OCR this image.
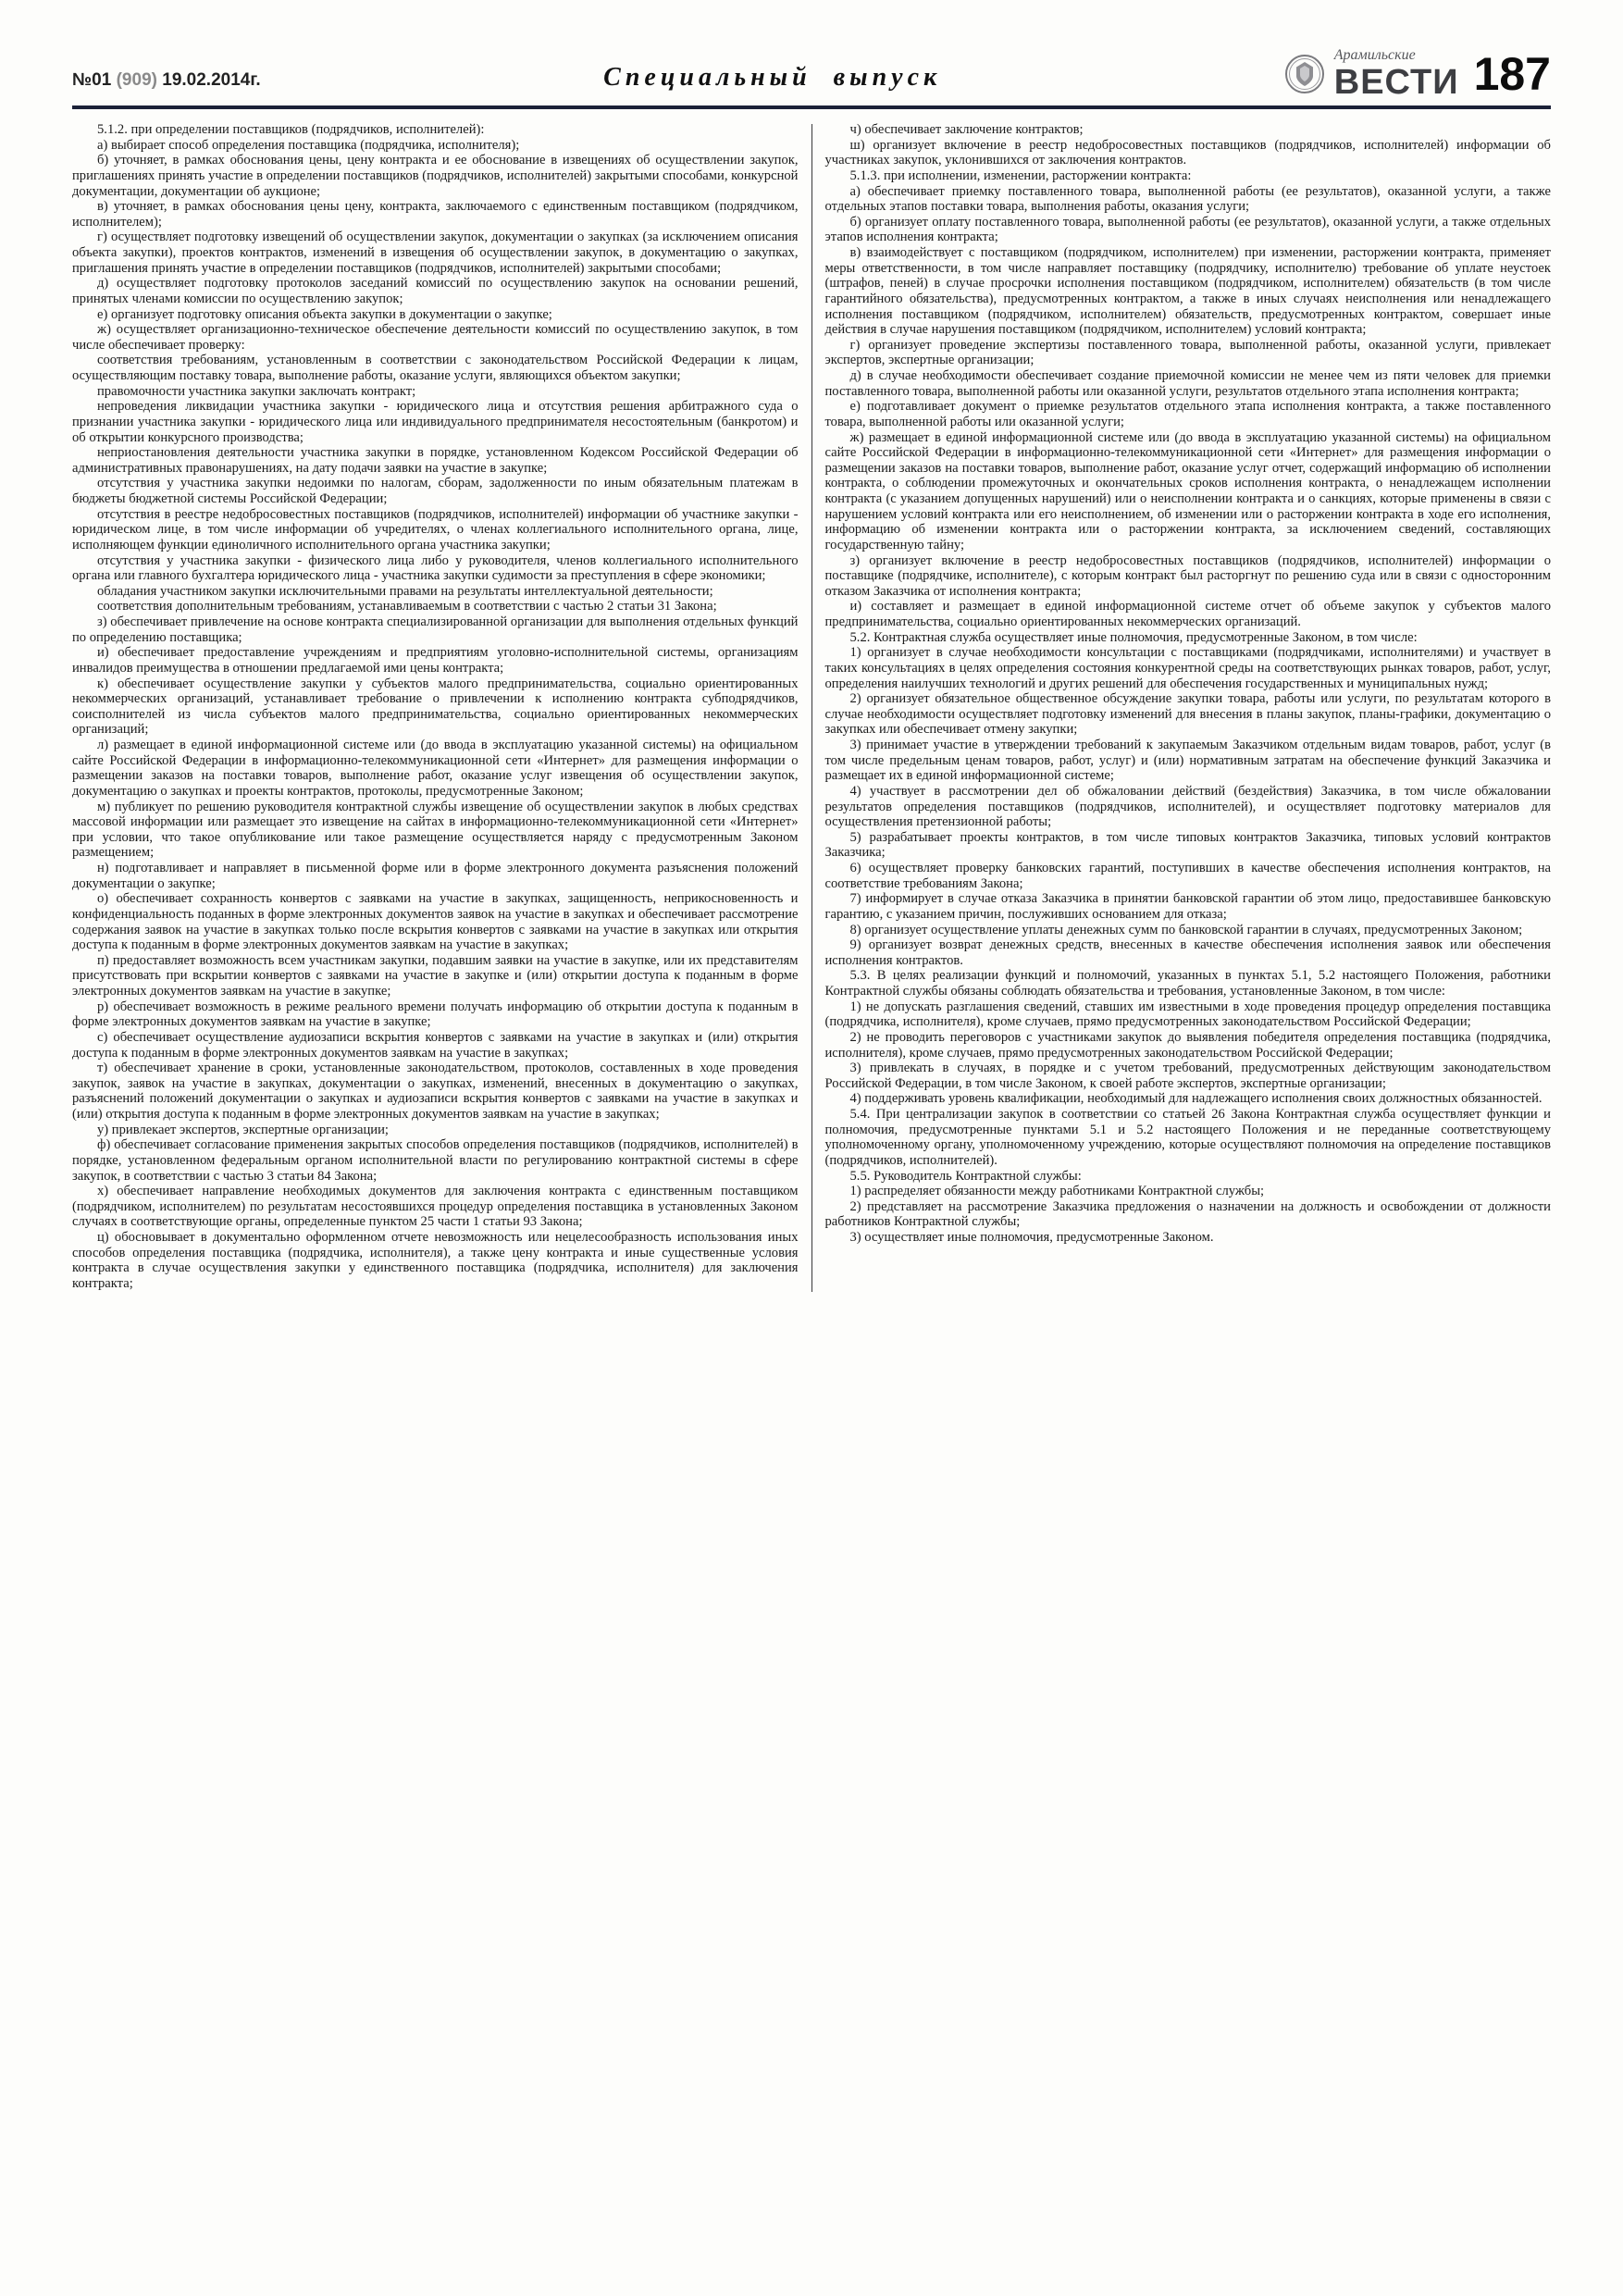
№01 (909) 19.02.2014г.	Специальный выпуск
Арамильские
ВЕСТИ 187

5.1.2. при определении поставщиков (подрядчиков, исполнителей):

а) выбирает способ определения поставщика (подрядчика, исполнителя);

б) уточняет, в рамках обоснования цены, цену контракта и ее обоснование в извещениях об осуществлении закупок, приглашениях принять участие в определении поставщиков (подрядчиков, исполнителей) закрытыми способами, конкурсной документации, документации об аукционе;

в) уточняет, в рамках обоснования цены цену, контракта, заключаемого с единственным поставщиком (подрядчиком, исполнителем);

г) осуществляет подготовку извещений об осуществлении закупок, документации о закупках (за исключением описания объекта закупки), проектов контрактов, изменений в извещения об осуществлении закупок, в документацию о закупках, приглашения принять участие в определении поставщиков (подрядчиков, исполнителей) закрытыми способами;

д) осуществляет подготовку протоколов заседаний комиссий по осуществлению закупок на основании решений, принятых членами комиссии по осуществлению закупок;

е) организует подготовку описания объекта закупки в документации о закупке;

ж) осуществляет организационно-техническое обеспечение деятельности комиссий по осуществлению закупок, в том числе обеспечивает проверку:

соответствия требованиям, установленным в соответствии с законодательством Российской Федерации к лицам, осуществляющим поставку товара, выполнение работы, оказание услуги, являющихся объектом закупки;

правомочности участника закупки заключать контракт;

непроведения ликвидации участника закупки - юридического лица и отсутствия решения арбитражного суда о признании участника закупки - юридического лица или индивидуального предпринимателя несостоятельным (банкротом) и об открытии конкурсного производства;

неприостановления деятельности участника закупки в порядке, установленном Кодексом Российской Федерации об административных правонарушениях, на дату подачи заявки на участие в закупке;

отсутствия у участника закупки недоимки по налогам, сборам, задолженности по иным обязательным платежам в бюджеты бюджетной системы Российской Федерации;

отсутствия в реестре недобросовестных поставщиков (подрядчиков, исполнителей) информации об участнике закупки - юридическом лице, в том числе информации об учредителях, о членах коллегиального исполнительного органа, лице, исполняющем функции единоличного исполнительного органа участника закупки;

отсутствия у участника закупки - физического лица либо у руководителя, членов коллегиального исполнительного органа или главного бухгалтера юридического лица - участника закупки судимости за преступления в сфере экономики;

обладания участником закупки исключительными правами на результаты интеллектуальной деятельности;

соответствия дополнительным требованиям, устанавливаемым в соответствии с частью 2 статьи 31 Закона;

з) обеспечивает привлечение на основе контракта специализированной организации для выполнения отдельных функций по определению поставщика;

и) обеспечивает предоставление учреждениям и предприятиям уголовно-исполнительной системы, организациям инвалидов преимущества в отношении предлагаемой ими цены контракта;

к) обеспечивает осуществление закупки у субъектов малого предпринимательства, социально ориентированных некоммерческих организаций, устанавливает требование о привлечении к исполнению контракта субподрядчиков, соисполнителей из числа субъектов малого предпринимательства, социально ориентированных некоммерческих организаций;

л) размещает в единой информационной системе или (до ввода в эксплуатацию указанной системы) на официальном сайте Российской Федерации в информационно-телекоммуникационной сети «Интернет» для размещения информации о размещении заказов на поставки товаров, выполнение работ, оказание услуг извещения об осуществлении закупок, документацию о закупках и проекты контрактов, протоколы, предусмотренные Законом;

м) публикует по решению руководителя контрактной службы извещение об осуществлении закупок в любых средствах массовой информации или размещает это извещение на сайтах в информационно-телекоммуникационной сети «Интернет» при условии, что такое опубликование или такое размещение осуществляется наряду с предусмотренным Законом размещением;

н) подготавливает и направляет в письменной форме или в форме электронного документа разъяснения положений документации о закупке;

о) обеспечивает сохранность конвертов с заявками на участие в закупках, защищенность, неприкосновенность и конфиденциальность поданных в форме электронных документов заявок на участие в закупках и обеспечивает рассмотрение содержания заявок на участие в закупках только после вскрытия конвертов с заявками на участие в закупках или открытия доступа к поданным в форме электронных документов заявкам на участие в закупках;

п) предоставляет возможность всем участникам закупки, подавшим заявки на участие в закупке, или их представителям присутствовать при вскрытии конвертов с заявками на участие в закупке и (или) открытии доступа к поданным в форме электронных документов заявкам на участие в закупке;

р) обеспечивает возможность в режиме реального времени получать информацию об открытии доступа к поданным в форме электронных документов заявкам на участие в закупке;

с) обеспечивает осуществление аудиозаписи вскрытия конвертов с заявками на участие в закупках и (или) открытия доступа к поданным в форме электронных документов заявкам на участие в закупках;

т) обеспечивает хранение в сроки, установленные законодательством, протоколов, составленных в ходе проведения закупок, заявок на участие в закупках, документации о закупках, изменений, внесенных в документацию о закупках, разъяснений положений документации о закупках и аудиозаписи вскрытия конвертов с заявками на участие в закупках и (или) открытия доступа к поданным в форме электронных документов заявкам на участие в закупках;

у) привлекает экспертов, экспертные организации;

ф) обеспечивает согласование применения закрытых способов определения поставщиков (подрядчиков, исполнителей) в порядке, установленном федеральным органом исполнительной власти по регулированию контрактной системы в сфере закупок, в соответствии с частью 3 статьи 84 Закона;

х) обеспечивает направление необходимых документов для заключения контракта с единственным поставщиком (подрядчиком, исполнителем) по результатам несостоявшихся процедур определения поставщика в установленных Законом случаях в соответствующие органы, определенные пунктом 25 части 1 статьи 93 Закона;

ц) обосновывает в документально оформленном отчете невозможность или нецелесообразность использования иных способов определения поставщика (подрядчика, исполнителя), а также цену контракта и иные существенные условия контракта в случае осуществления закупки у единственного поставщика (подрядчика, исполнителя) для заключения контракта;

ч) обеспечивает заключение контрактов;

ш) организует включение в реестр недобросовестных поставщиков (подрядчиков, исполнителей) информации об участниках закупок, уклонившихся от заключения контрактов.

5.1.3. при исполнении, изменении, расторжении контракта:

а) обеспечивает приемку поставленного товара, выполненной работы (ее результатов), оказанной услуги, а также отдельных этапов поставки товара, выполнения работы, оказания услуги;

б) организует оплату поставленного товара, выполненной работы (ее результатов), оказанной услуги, а также отдельных этапов исполнения контракта;

в) взаимодействует с поставщиком (подрядчиком, исполнителем) при изменении, расторжении контракта, применяет меры ответственности, в том числе направляет поставщику (подрядчику, исполнителю) требование об уплате неустоек (штрафов, пеней) в случае просрочки исполнения поставщиком (подрядчиком, исполнителем) обязательств (в том числе гарантийного обязательства), предусмотренных контрактом, а также в иных случаях неисполнения или ненадлежащего исполнения поставщиком (подрядчиком, исполнителем) обязательств, предусмотренных контрактом, совершает иные действия в случае нарушения поставщиком (подрядчиком, исполнителем) условий контракта;

г) организует проведение экспертизы поставленного товара, выполненной работы, оказанной услуги, привлекает экспертов, экспертные организации;

д) в случае необходимости обеспечивает создание приемочной комиссии не менее чем из пяти человек для приемки поставленного товара, выполненной работы или оказанной услуги, результатов отдельного этапа исполнения контракта;

е) подготавливает документ о приемке результатов отдельного этапа исполнения контракта, а также поставленного товара, выполненной работы или оказанной услуги;

ж) размещает в единой информационной системе или (до ввода в эксплуатацию указанной системы) на официальном сайте Российской Федерации в информационно-телекоммуникационной сети «Интернет» для размещения информации о размещении заказов на поставки товаров, выполнение работ, оказание услуг отчет, содержащий информацию об исполнении контракта, о соблюдении промежуточных и окончательных сроков исполнения контракта, о ненадлежащем исполнении контракта (с указанием допущенных нарушений) или о неисполнении контракта и о санкциях, которые применены в связи с нарушением условий контракта или его неисполнением, об изменении или о расторжении контракта в ходе его исполнения, информацию об изменении контракта или о расторжении контракта, за исключением сведений, составляющих государственную тайну;

з) организует включение в реестр недобросовестных поставщиков (подрядчиков, исполнителей) информации о поставщике (подрядчике, исполнителе), с которым контракт был расторгнут по решению суда или в связи с односторонним отказом Заказчика от исполнения контракта;

и) составляет и размещает в единой информационной системе отчет об объеме закупок у субъектов малого предпринимательства, социально ориентированных некоммерческих организаций.

5.2. Контрактная служба осуществляет иные полномочия, предусмотренные Законом, в том числе:

1) организует в случае необходимости консультации с поставщиками (подрядчиками, исполнителями) и участвует в таких консультациях в целях определения состояния конкурентной среды на соответствующих рынках товаров, работ, услуг, определения наилучших технологий и других решений для обеспечения государственных и муниципальных нужд;

2) организует обязательное общественное обсуждение закупки товара, работы или услуги, по результатам которого в случае необходимости осуществляет подготовку изменений для внесения в планы закупок, планы-графики, документацию о закупках или обеспечивает отмену закупки;

3) принимает участие в утверждении требований к закупаемым Заказчиком отдельным видам товаров, работ, услуг (в том числе предельным ценам товаров, работ, услуг) и (или) нормативным затратам на обеспечение функций Заказчика и размещает их в единой информационной системе;

4) участвует в рассмотрении дел об обжаловании действий (бездействия) Заказчика, в том числе обжаловании результатов определения поставщиков (подрядчиков, исполнителей), и осуществляет подготовку материалов для осуществления претензионной работы;

5) разрабатывает проекты контрактов, в том числе типовых контрактов Заказчика, типовых условий контрактов Заказчика;

6) осуществляет проверку банковских гарантий, поступивших в качестве обеспечения исполнения контрактов, на соответствие требованиям Закона;

7) информирует в случае отказа Заказчика в принятии банковской гарантии об этом лицо, предоставившее банковскую гарантию, с указанием причин, послуживших основанием для отказа;

8) организует осуществление уплаты денежных сумм по банковской гарантии в случаях, предусмотренных Законом;

9) организует возврат денежных средств, внесенных в качестве обеспечения исполнения заявок или обеспечения исполнения контрактов.

5.3. В целях реализации функций и полномочий, указанных в пунктах 5.1, 5.2 настоящего Положения, работники Контрактной службы обязаны соблюдать обязательства и требования, установленные Законом, в том числе:

1) не допускать разглашения сведений, ставших им известными в ходе проведения процедур определения поставщика (подрядчика, исполнителя), кроме случаев, прямо предусмотренных законодательством Российской Федерации;

2) не проводить переговоров с участниками закупок до выявления победителя определения поставщика (подрядчика, исполнителя), кроме случаев, прямо предусмотренных законодательством Российской Федерации;

3) привлекать в случаях, в порядке и с учетом требований, предусмотренных действующим законодательством Российской Федерации, в том числе Законом, к своей работе экспертов, экспертные организации;

4) поддерживать уровень квалификации, необходимый для надлежащего исполнения своих должностных обязанностей.

5.4. При централизации закупок в соответствии со статьей 26 Закона Контрактная служба осуществляет функции и полномочия, предусмотренные пунктами 5.1 и 5.2 настоящего Положения и не переданные соответствующему уполномоченному органу, уполномоченному учреждению, которые осуществляют полномочия на определение поставщиков (подрядчиков, исполнителей).

5.5. Руководитель Контрактной службы:

1) распределяет обязанности между работниками Контрактной службы;

2) представляет на рассмотрение Заказчика предложения о назначении на должность и освобождении от должности работников Контрактной службы;

3) осуществляет иные полномочия, предусмотренные Законом.
